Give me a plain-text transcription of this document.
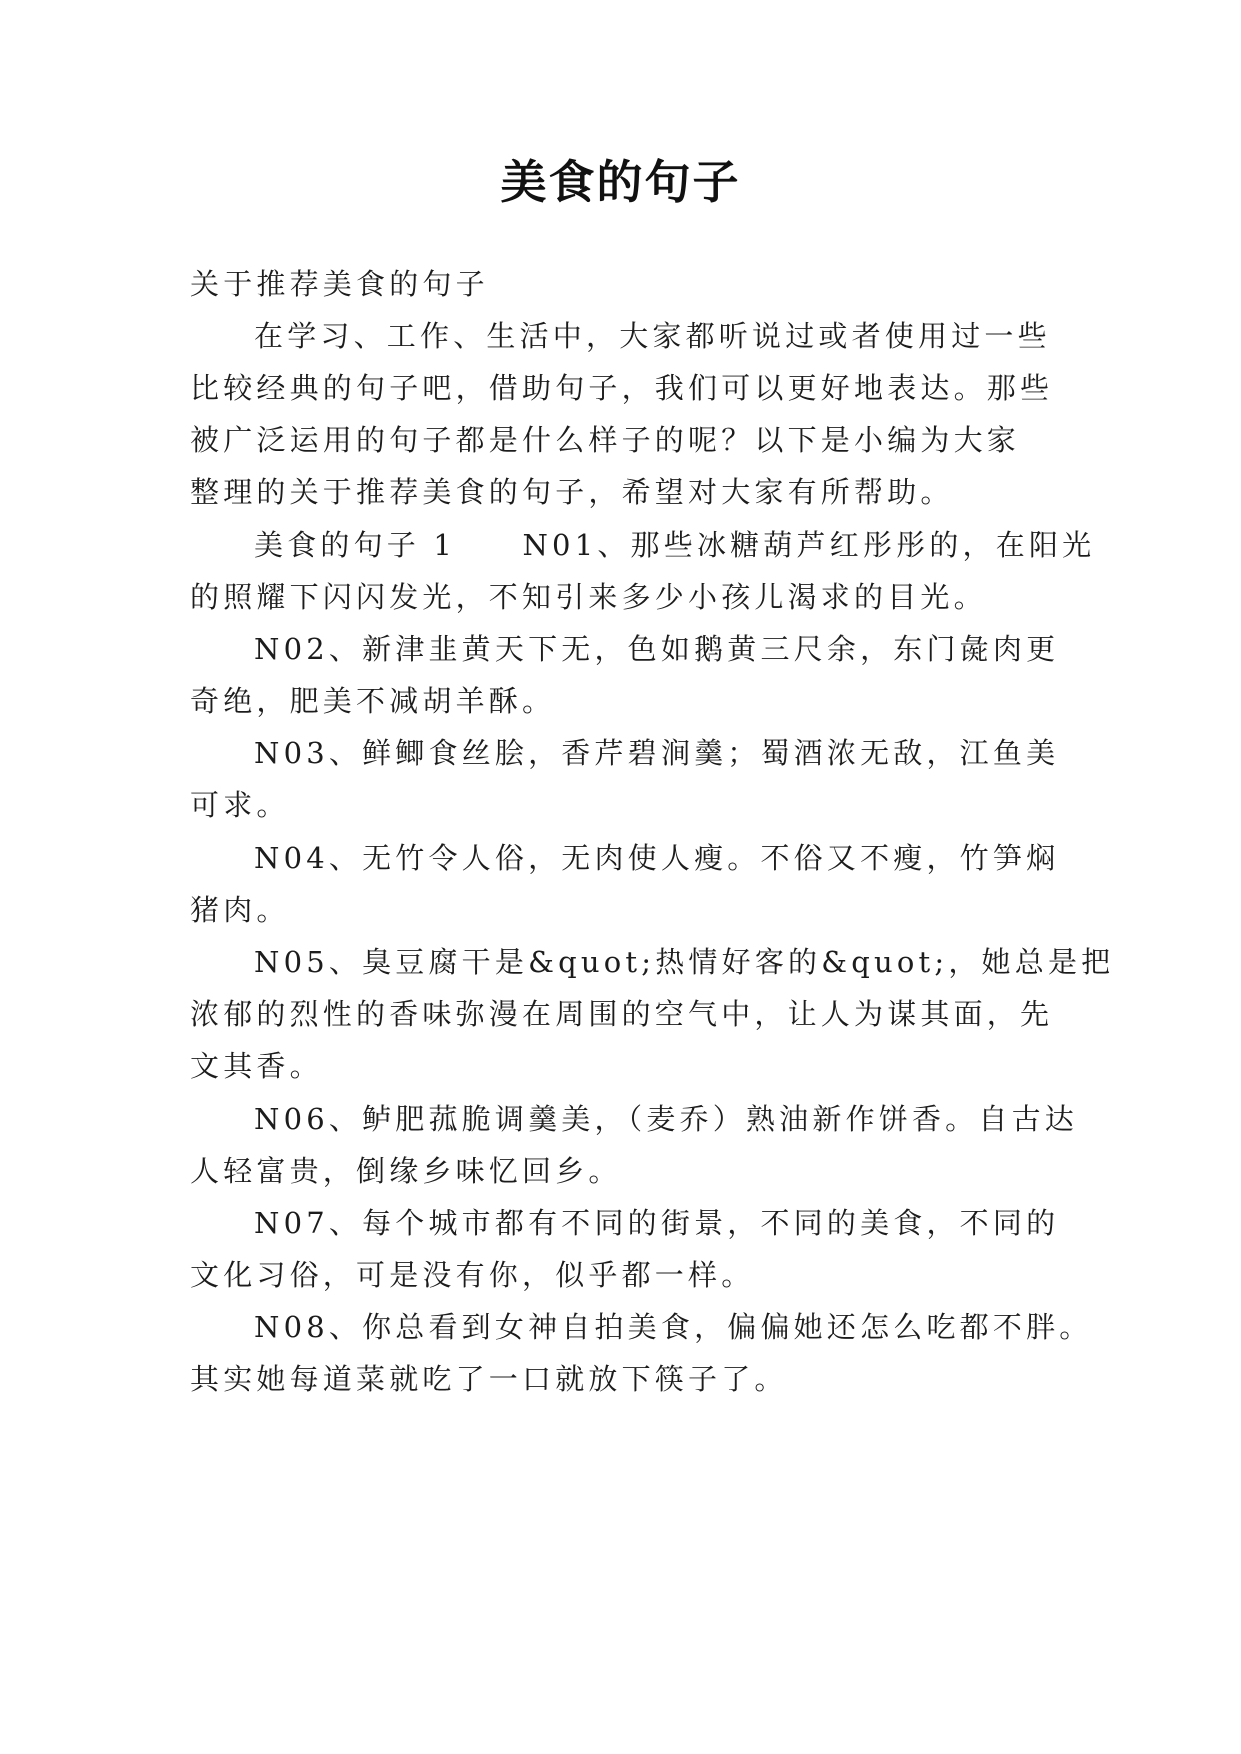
美食的句子
关于推荐美食的句子
在学习、工作、生活中，大家都听说过或者使用过一些
比较经典的句子吧，借助句子，我们可以更好地表达。那些
被广泛运用的句子都是什么样子的呢？以下是小编为大家
整理的关于推荐美食的句子，希望对大家有所帮助。
美食的句子 1　　N01、那些冰糖葫芦红彤彤的，在阳光
的照耀下闪闪发光，不知引来多少小孩儿渴求的目光。
N02、新津韭黄天下无，色如鹅黄三尺余，东门彘肉更
奇绝，肥美不减胡羊酥。
N03、鲜鲫食丝脍，香芹碧涧羹；蜀酒浓无敌，江鱼美
可求。
N04、无竹令人俗，无肉使人瘦。不俗又不瘦，竹笋焖
猪肉。
N05、臭豆腐干是&quot;热情好客的&quot;，她总是把
浓郁的烈性的香味弥漫在周围的空气中，让人为谋其面，先
文其香。
N06、鲈肥菰脆调羹美，（麦乔）熟油新作饼香。自古达
人轻富贵，倒缘乡味忆回乡。
N07、每个城市都有不同的街景，不同的美食，不同的
文化习俗，可是没有你，似乎都一样。
N08、你总看到女神自拍美食，偏偏她还怎么吃都不胖。
其实她每道菜就吃了一口就放下筷子了。
